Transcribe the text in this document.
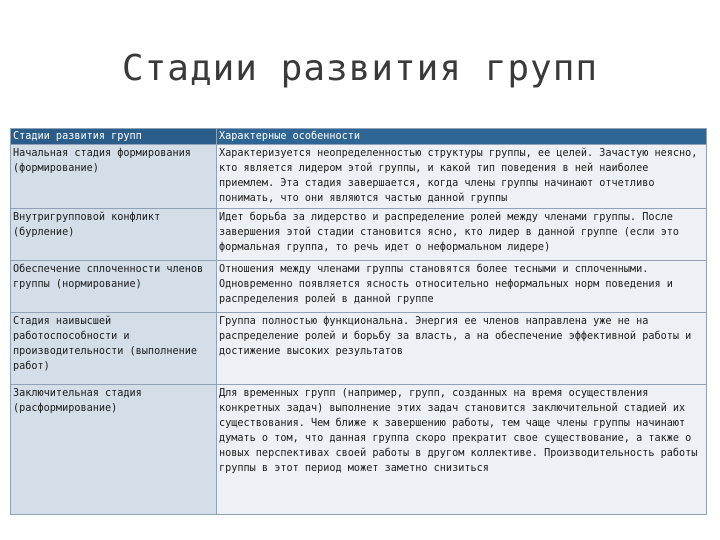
Стадии развития групп
Стадии развития групп	Характерные особенности
Начальная стадия формирования (формирование)	Характеризуется неопределенностью структуры группы, ее целей. Зачастую неясно, кто является лидером этой группы, и какой тип поведения в ней наиболее приемлем. Эта стадия завершается, когда члены группы начинают отчетливо понимать, что они являются частью данной группы
Внутригрупповой конфликт (бурление)	Идет борьба за лидерство и распределение ролей между членами группы. После завершения этой стадии становится ясно, кто лидер в данной группе (если это формальная группа, то речь идет о неформальном лидере)
Обеспечение сплоченности членов группы (нормирование)	Отношения между членами группы становятся более тесными и сплоченными. Одновременно появляется ясность относительно неформальных норм поведения и распределения ролей в данной группе
Стадия наивысшей работоспособности и производительности (выполнение работ)	Группа полностью функциональна. Энергия ее членов направлена уже не на распределение ролей и борьбу за власть, а на обеспечение эффективной работы и достижение высоких результатов
Заключительная стадия (расформирование)	Для временных групп (например, групп, созданных на время осуществления конкретных задач) выполнение этих задач становится заключительной стадией их существования. Чем ближе к завершению работы, тем чаще члены группы начинают думать о том, что данная группа скоро прекратит свое существование, а также о новых перспективах своей работы в другом коллективе. Производительность работы группы в этот период может заметно снизиться
